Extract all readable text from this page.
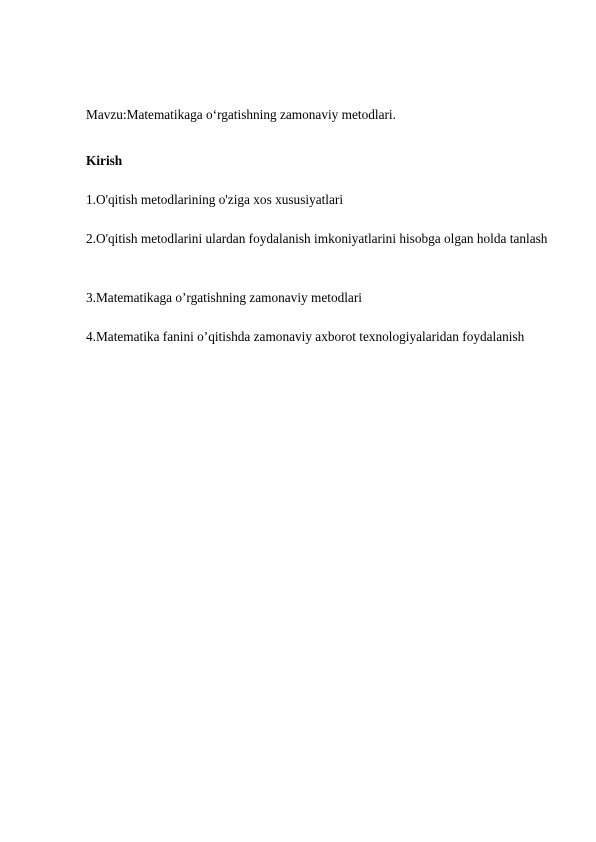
Mavzu:Matematikaga o‘rgatishning zamonaviy metodlari.
Kirish
1.O'qitish metodlarining o'ziga xos xususiyatlari
2.O'qitish metodlarini ulardan foydalanish imkoniyatlarini hisobga olgan holda tanlash
3.Matematikaga o’rgatishning zamonaviy metodlari
4.Matematika fanini o’qitishda zamonaviy axborot texnologiyalaridan foydalanish
